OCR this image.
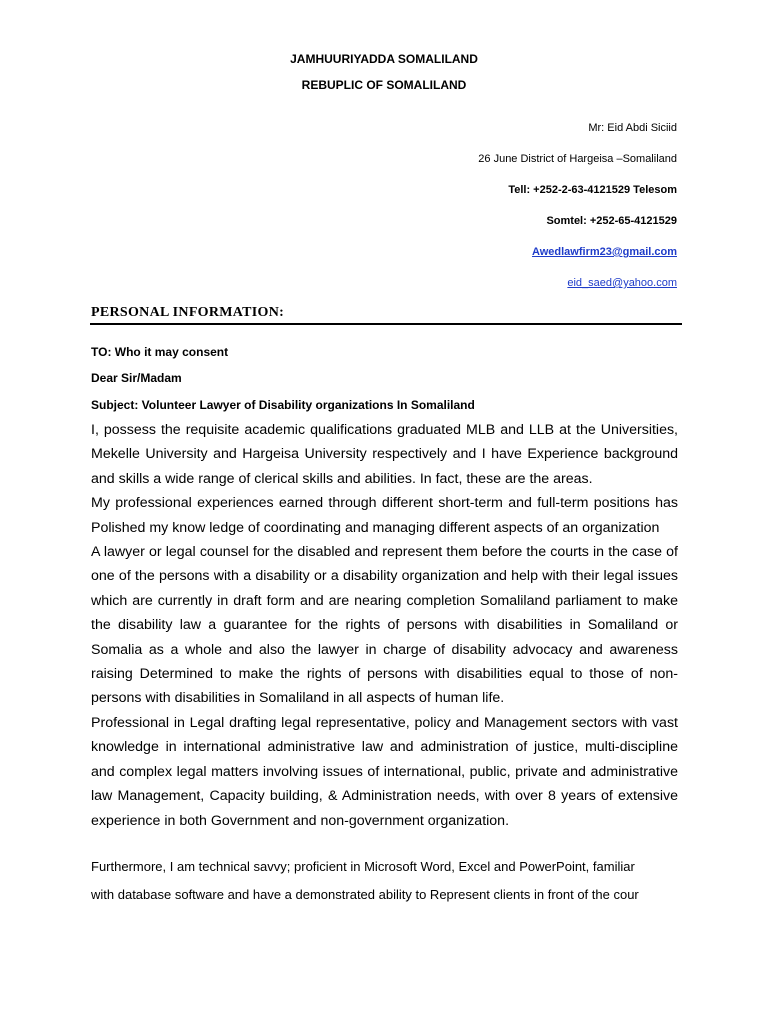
JAMHUURIYADDA SOMALILAND
REBUPLIC OF SOMALILAND
Mr: Eid Abdi Siciid
26 June District of Hargeisa –Somaliland
Tell: +252-2-63-4121529 Telesom
Somtel: +252-65-4121529
Awedlawfirm23@gmail.com
eid_saed@yahoo.com
PERSONAL INFORMATION:
TO: Who it may consent
Dear Sir/Madam
Subject: Volunteer Lawyer of Disability organizations In Somaliland

I, possess the requisite academic qualifications graduated MLB and LLB at the Universities, Mekelle University and Hargeisa University respectively and I have Experience background and skills a wide range of clerical skills and abilities. In fact, these are the areas.

My professional experiences earned through different short-term and full-term positions has Polished my know ledge of coordinating and managing different aspects of an organization

A lawyer or legal counsel for the disabled and represent them before the courts in the case of one of the persons with a disability or a disability organization and help with their legal issues which are currently in draft form and are nearing completion Somaliland parliament to make the disability law a guarantee for the rights of persons with disabilities in Somaliland or Somalia as a whole and also the lawyer in charge of disability advocacy and awareness raising Determined to make the rights of persons with disabilities equal to those of non-persons with disabilities in Somaliland in all aspects of human life.

Professional in Legal drafting legal representative, policy and Management sectors with vast knowledge in international administrative law and administration of justice, multi-discipline and complex legal matters involving issues of international, public, private and administrative law Management, Capacity building, & Administration needs, with over 8 years of extensive experience in both Government and non-government organization.

Furthermore, I am technical savvy; proficient in Microsoft Word, Excel and PowerPoint, familiar
with database software and have a demonstrated ability to Represent clients in front of the cour
